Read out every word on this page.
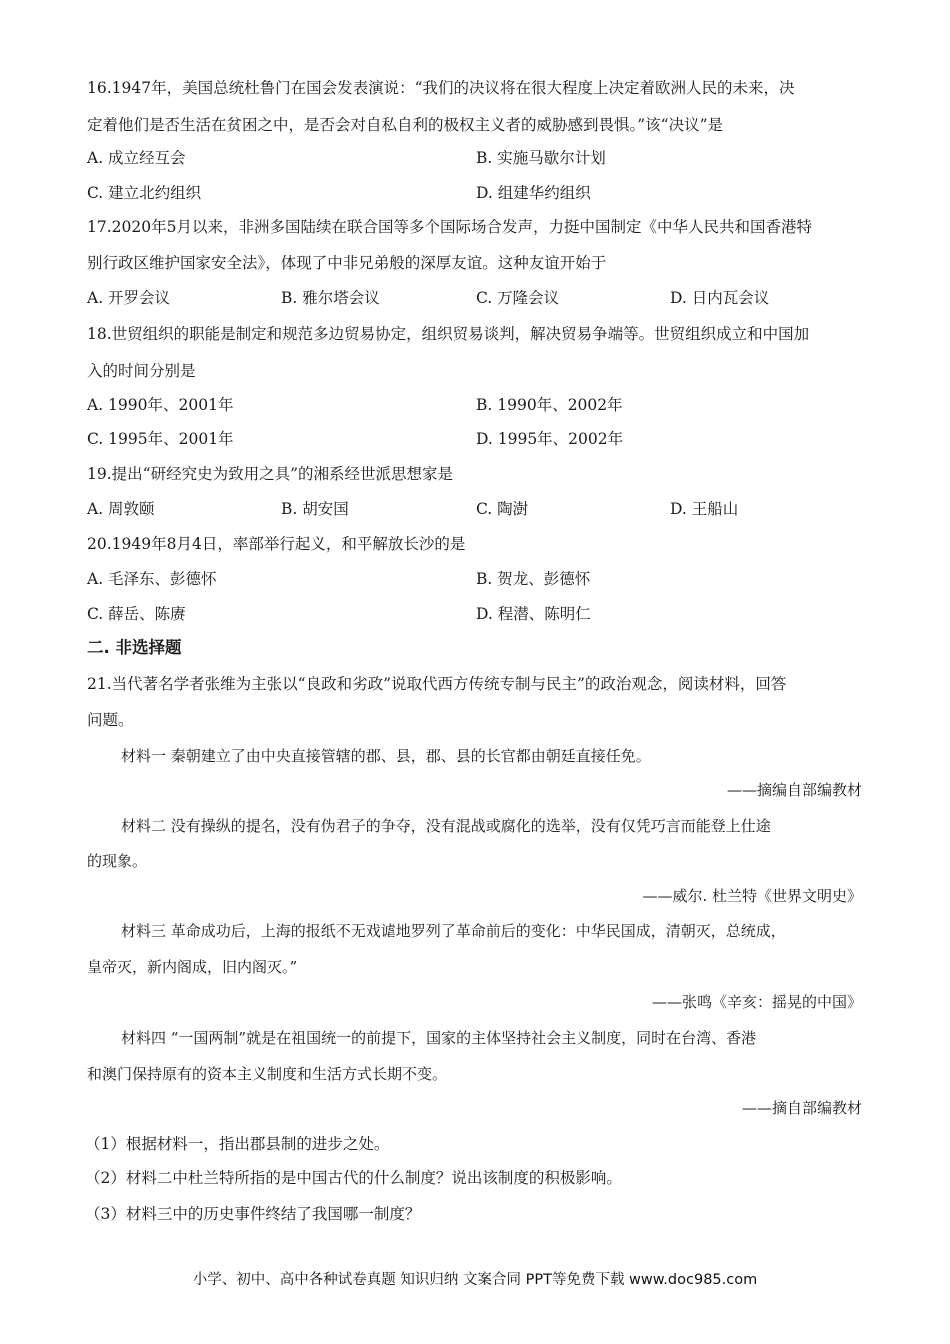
16.1947年，美国总统杜鲁门在国会发表演说：“我们的决议将在很大程度上决定着欧洲人民的未来，决
定着他们是否生活在贫困之中，是否会对自私自利的极权主义者的威胁感到畏惧。”该“决议”是
A. 成立经互会	B. 实施马歇尔计划
C. 建立北约组织	D. 组建华约组织
17.2020年5月以来，非洲多国陆续在联合国等多个国际场合发声，力挺中国制定《中华人民共和国香港特
别行政区维护国家安全法》，体现了中非兄弟般的深厚友谊。这种友谊开始于
A. 开罗会议	B. 雅尔塔会议	C. 万隆会议	D. 日内瓦会议
18.世贸组织的职能是制定和规范多边贸易协定，组织贸易谈判，解决贸易争端等。世贸组织成立和中国加
入的时间分别是
A. 1990年、2001年	B. 1990年、2002年
C. 1995年、2001年	D. 1995年、2002年
19.提出“研经究史为致用之具”的湘系经世派思想家是
A. 周敦颐	B. 胡安国	C. 陶澍	D. 王船山
20.1949年8月4日，率部举行起义，和平解放长沙的是
A. 毛泽东、彭德怀	B. 贺龙、彭德怀
C. 薛岳、陈赓	D. 程潜、陈明仁
二. 非选择题
21.当代著名学者张维为主张以“良政和劣政”说取代西方传统专制与民主”的政治观念，阅读材料，回答
问题。
材料一 秦朝建立了由中央直接管辖的郡、县，郡、县的长官都由朝廷直接任免。
——摘编自部编教材
材料二 没有操纵的提名，没有伪君子的争夺，没有混战或腐化的选举，没有仅凭巧言而能登上仕途
的现象。
——威尔. 杜兰特《世界文明史》
材料三 革命成功后，上海的报纸不无戏谑地罗列了革命前后的变化：中华民国成，清朝灭，总统成，
皇帝灭，新内阁成，旧内阁灭。”
——张鸣《辛亥：摇晃的中国》
材料四 “一国两制”就是在祖国统一的前提下，国家的主体坚持社会主义制度，同时在台湾、香港
和澳门保持原有的资本主义制度和生活方式长期不变。
——摘自部编教材
（1）根据材料一，指出郡县制的进步之处。
（2）材料二中杜兰特所指的是中国古代的什么制度？说出该制度的积极影响。
（3）材料三中的历史事件终结了我国哪一制度？
小学、初中、高中各种试卷真题 知识归纳 文案合同 PPT等免费下载 www.doc985.com
